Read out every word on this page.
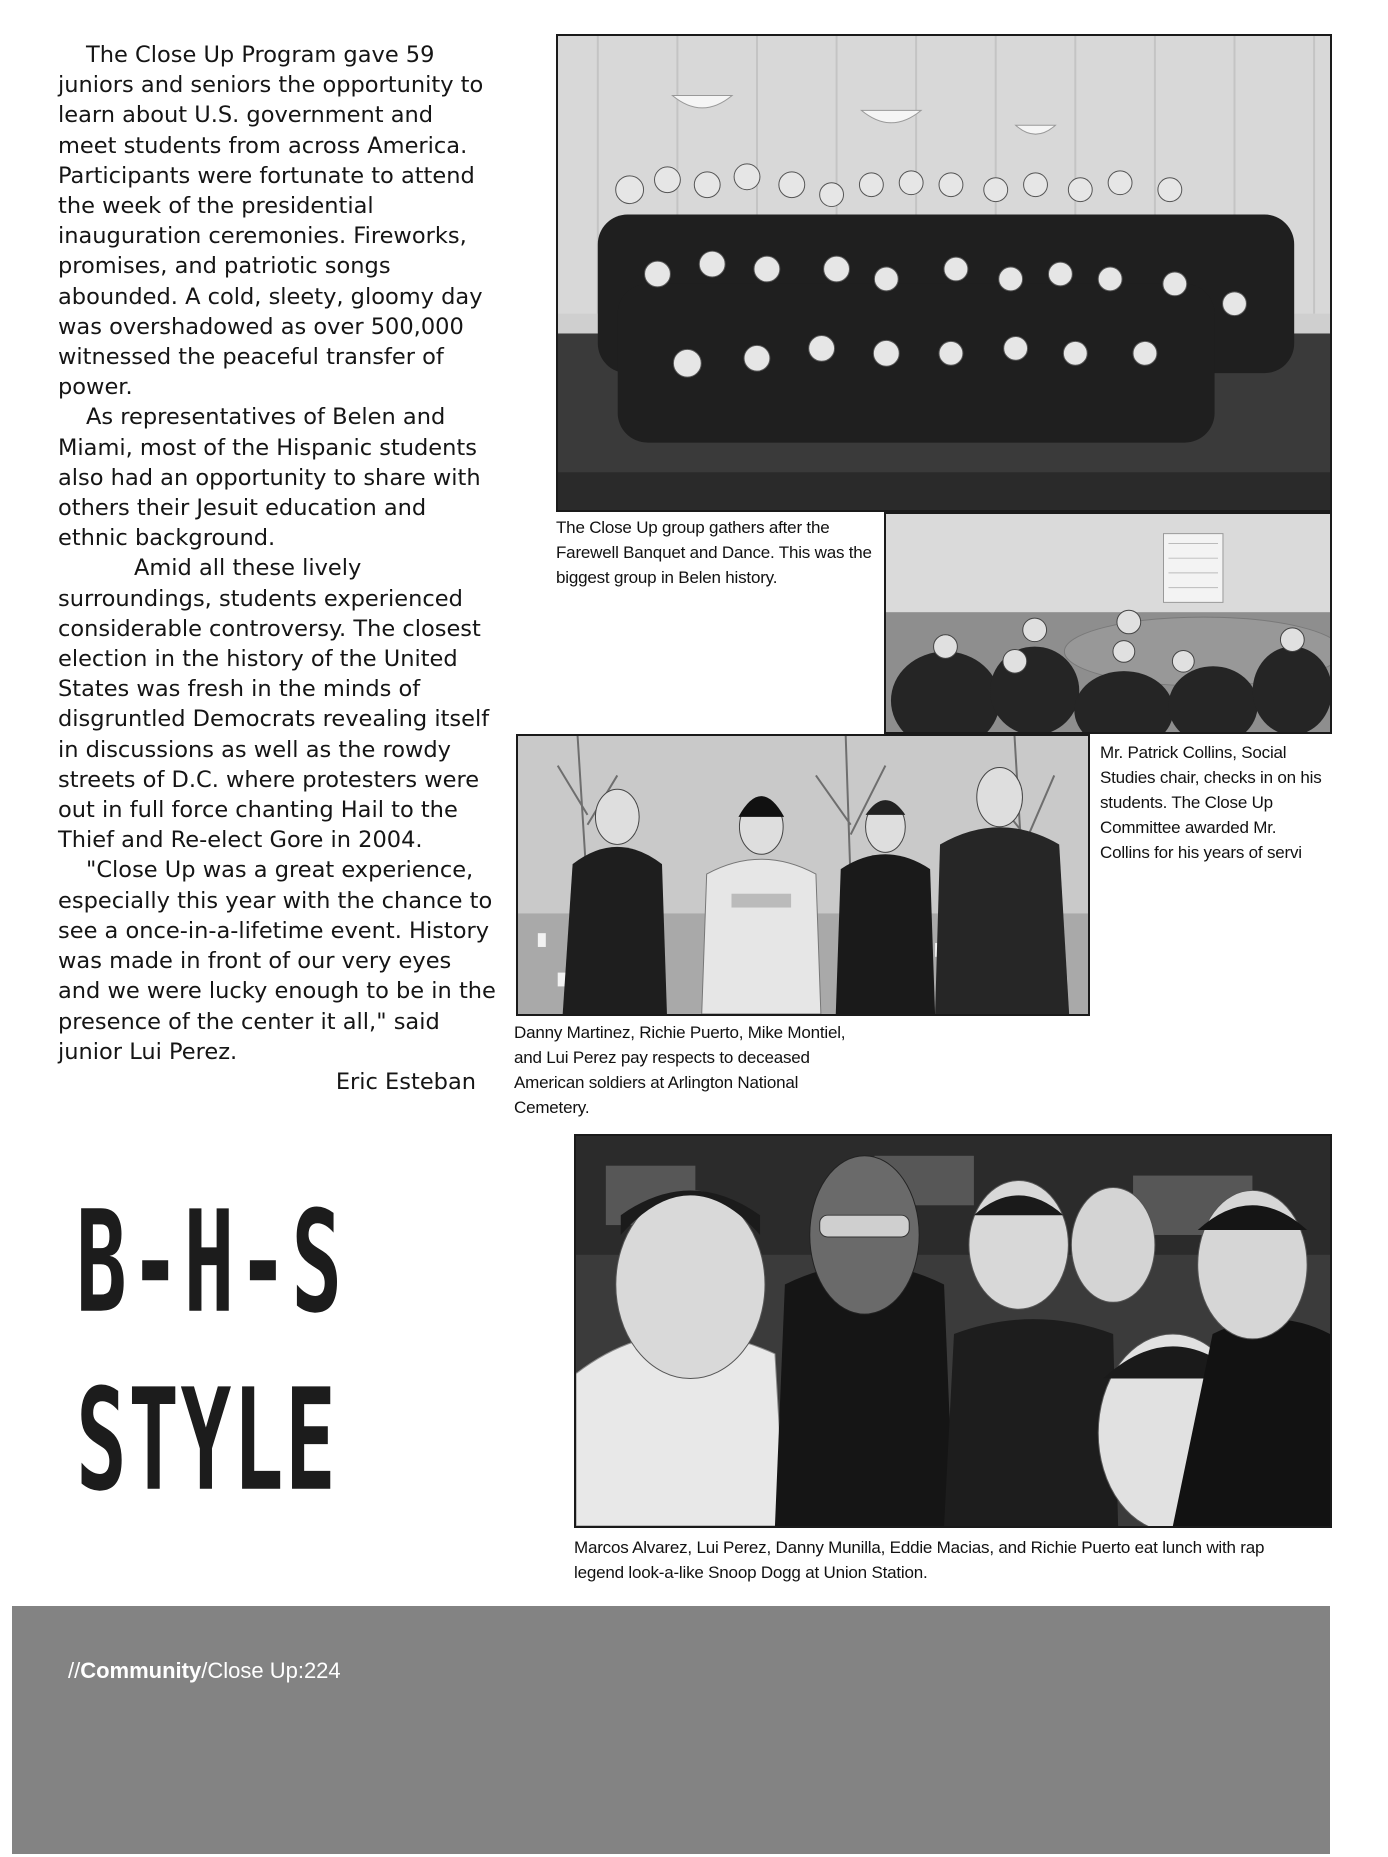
The Close Up Program gave 59 juniors and seniors the opportunity to learn about U.S. government and meet students from across America. Participants were fortunate to attend the week of the presidential inauguration ceremonies. Fireworks, promises, and patriotic songs abounded. A cold, sleety, gloomy day was overshadowed as over 500,000 witnessed the peaceful transfer of power.

As representatives of Belen and Miami, most of the Hispanic students also had an opportunity to share with others their Jesuit education and ethnic background.

Amid all these lively surroundings, students experienced considerable controversy. The closest election in the history of the United States was fresh in the minds of disgruntled Democrats revealing itself in discussions as well as the rowdy streets of D.C. where protesters were out in full force chanting Hail to the Thief and Re-elect Gore in 2004.

"Close Up was a great experience, especially this year with the chance to see a once-in-a-lifetime event. History was made in front of our very eyes and we were lucky enough to be in the presence of the center it all," said junior Lui Perez.

Eric Esteban

The Close Up group gathers after the Farewell Banquet and Dance. This was the biggest group in Belen history.
Mr. Patrick Collins, Social Studies chair, checks in on his students. The Close Up Committee awarded Mr. Collins for his years of servi
Danny Martinez, Richie Puerto, Mike Montiel, and Lui Perez pay respects to deceased American soldiers at Arlington National Cemetery.
Marcos Alvarez, Lui Perez, Danny Munilla, Eddie Macias, and Richie Puerto eat lunch with rap legend look-a-like Snoop Dogg at Union Station.
B-H-S
STYLE
//Community/Close Up:224
